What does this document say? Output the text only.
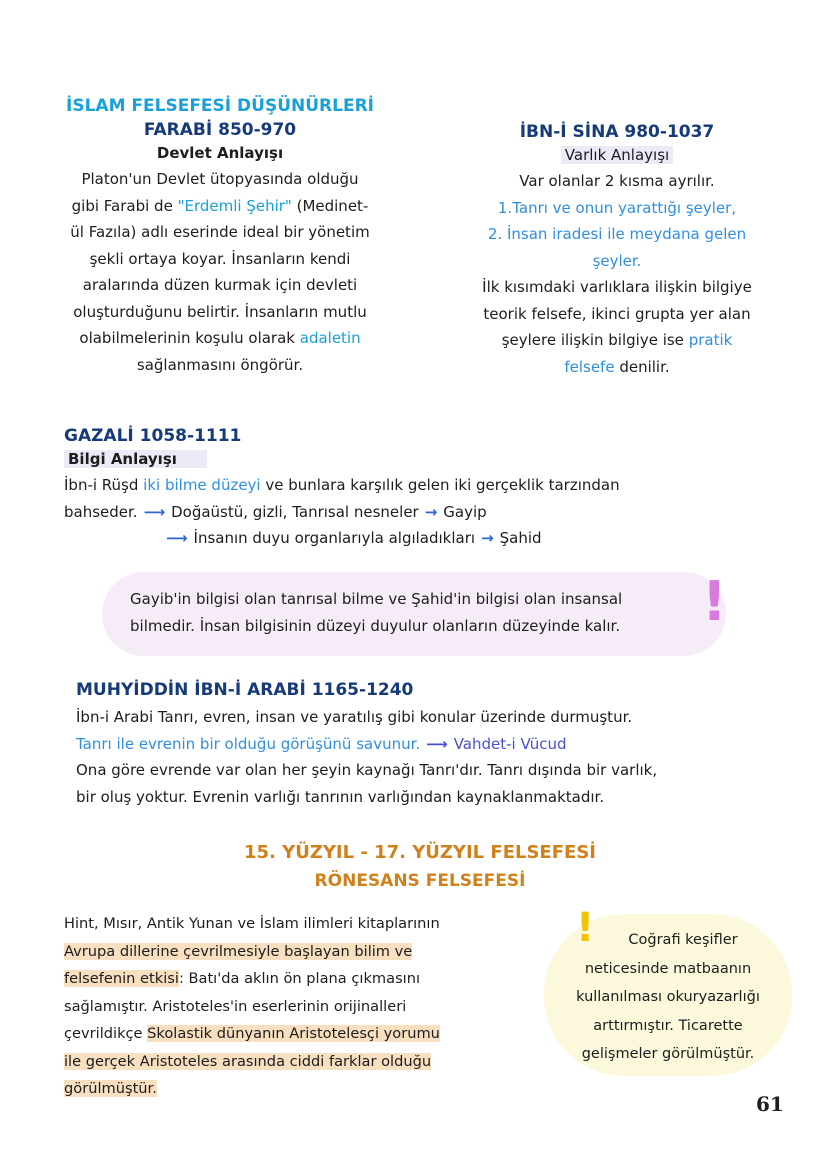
İSLAM FELSEFESİ DÜŞÜNÜRLERİ
FARABİ 850-970
Devlet Anlayışı
Platon'un Devlet ütopyasında olduğu
gibi Farabi de "Erdemli Şehir" (Medinet-
ül Fazıla) adlı eserinde ideal bir yönetim
şekli ortaya koyar. İnsanların kendi
aralarında düzen kurmak için devleti
oluşturduğunu belirtir. İnsanların mutlu
olabilmelerinin koşulu olarak adaletin
sağlanmasını öngörür.
İBN-İ SİNA 980-1037
Varlık Anlayışı
Var olanlar 2 kısma ayrılır.
1.Tanrı ve onun yarattığı şeyler,
2. İnsan iradesi ile meydana gelen
şeyler.
İlk kısımdaki varlıklara ilişkin bilgiye
teorik felsefe, ikinci grupta yer alan
şeylere ilişkin bilgiye ise pratik
felsefe denilir.
GAZALİ 1058-1111
Bilgi Anlayışı
İbn-i Rüşd iki bilme düzeyi ve bunlara karşılık gelen iki gerçeklik tarzından
bahseder. ⟶ Doğaüstü, gizli, Tanrısal nesneler → Gayip
⟶ İnsanın duyu organlarıyla algıladıkları → Şahid
Gayib'in bilgisi olan tanrısal bilme ve Şahid'in bilgisi olan insansal
bilmedir. İnsan bilgisinin düzeyi duyulur olanların düzeyinde kalır.	!
MUHYİDDİN İBN-İ ARABİ 1165-1240
İbn-i Arabi Tanrı, evren, insan ve yaratılış gibi konular üzerinde durmuştur.
Tanrı ile evrenin bir olduğu görüşünü savunur. ⟶ Vahdet-i Vücud
Ona göre evrende var olan her şeyin kaynağı Tanrı'dır. Tanrı dışında bir varlık,
bir oluş yoktur. Evrenin varlığı tanrının varlığından kaynaklanmaktadır.
15. YÜZYIL - 17. YÜZYIL FELSEFESİ
RÖNESANS FELSEFESİ
Hint, Mısır, Antik Yunan ve İslam ilimleri kitaplarının
Avrupa dillerine çevrilmesiyle başlayan bilim ve
felsefenin etkisi: Batı'da aklın ön plana çıkmasını
sağlamıştır. Aristoteles'in eserlerinin orijinalleri
çevrildikçe Skolastik dünyanın Aristotelesçi yorumu
ile gerçek Aristoteles arasında ciddi farklar olduğu
görülmüştür.
!	Coğrafi keşifler
neticesinde matbaanın
kullanılması okuryazarlığı
arttırmıştır. Ticarette
gelişmeler görülmüştür.
61
